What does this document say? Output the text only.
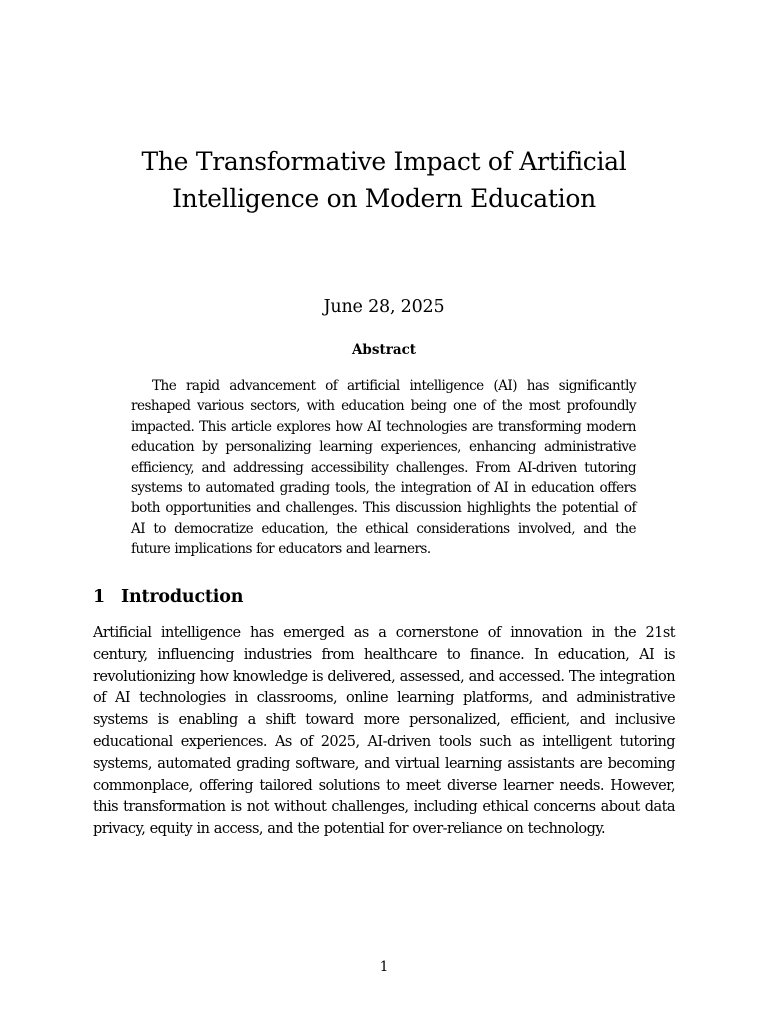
The Transformative Impact of Artificial Intelligence on Modern Education
June 28, 2025
Abstract

The rapid advancement of artificial intelligence (AI) has significantly reshaped various sectors, with education being one of the most profoundly impacted. This article explores how AI technologies are transforming modern education by personalizing learning experiences, enhancing administrative efficiency, and addressing accessibility challenges. From AI-driven tutoring systems to automated grading tools, the integration of AI in education offers both opportunities and challenges. This discussion highlights the potential of AI to democratize education, the ethical considerations involved, and the future implications for educators and learners.

1 Introduction

Artificial intelligence has emerged as a cornerstone of innovation in the 21st century, influencing industries from healthcare to finance. In education, AI is revolutionizing how knowledge is delivered, assessed, and accessed. The integration of AI technologies in classrooms, online learning platforms, and administrative systems is enabling a shift toward more personalized, efficient, and inclusive educational experiences. As of 2025, AI-driven tools such as intelligent tutoring systems, automated grading software, and virtual learning assistants are becoming commonplace, offering tailored solutions to meet diverse learner needs. However, this transformation is not without challenges, including ethical concerns about data privacy, equity in access, and the potential for over-reliance on technology.

1
